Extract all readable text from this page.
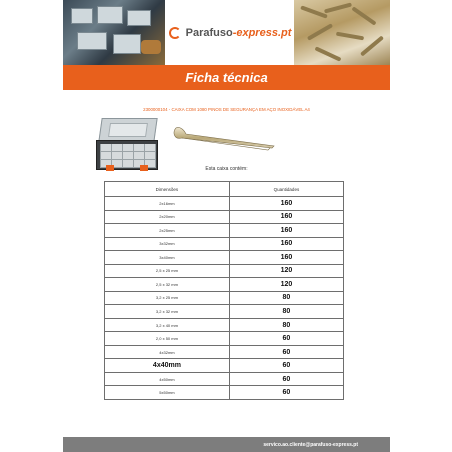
Parafuso-express.pt
Ficha técnica
2300000104 - CAIXA COM 1080 PINOS DE SEGURANÇA EM AÇO INOXIDÁVEL A4
Esta caixa contém:
Dimensões	Quantidades
2x16mm	160
2x20mm	160
2x25mm	160
3x32mm	160
3x40mm	160
2,5 x 25 mm	120
2,5 x 32 mm	120
3,2 x 25 mm	80
3,2 x 32 mm	80
3,2 x 40 mm	80
2,0 x 50 mm	60
4x32mm	60
4x40mm	60
4x50mm	60
5x50mm	60
servico.ao.cliente@parafuso-express.pt
